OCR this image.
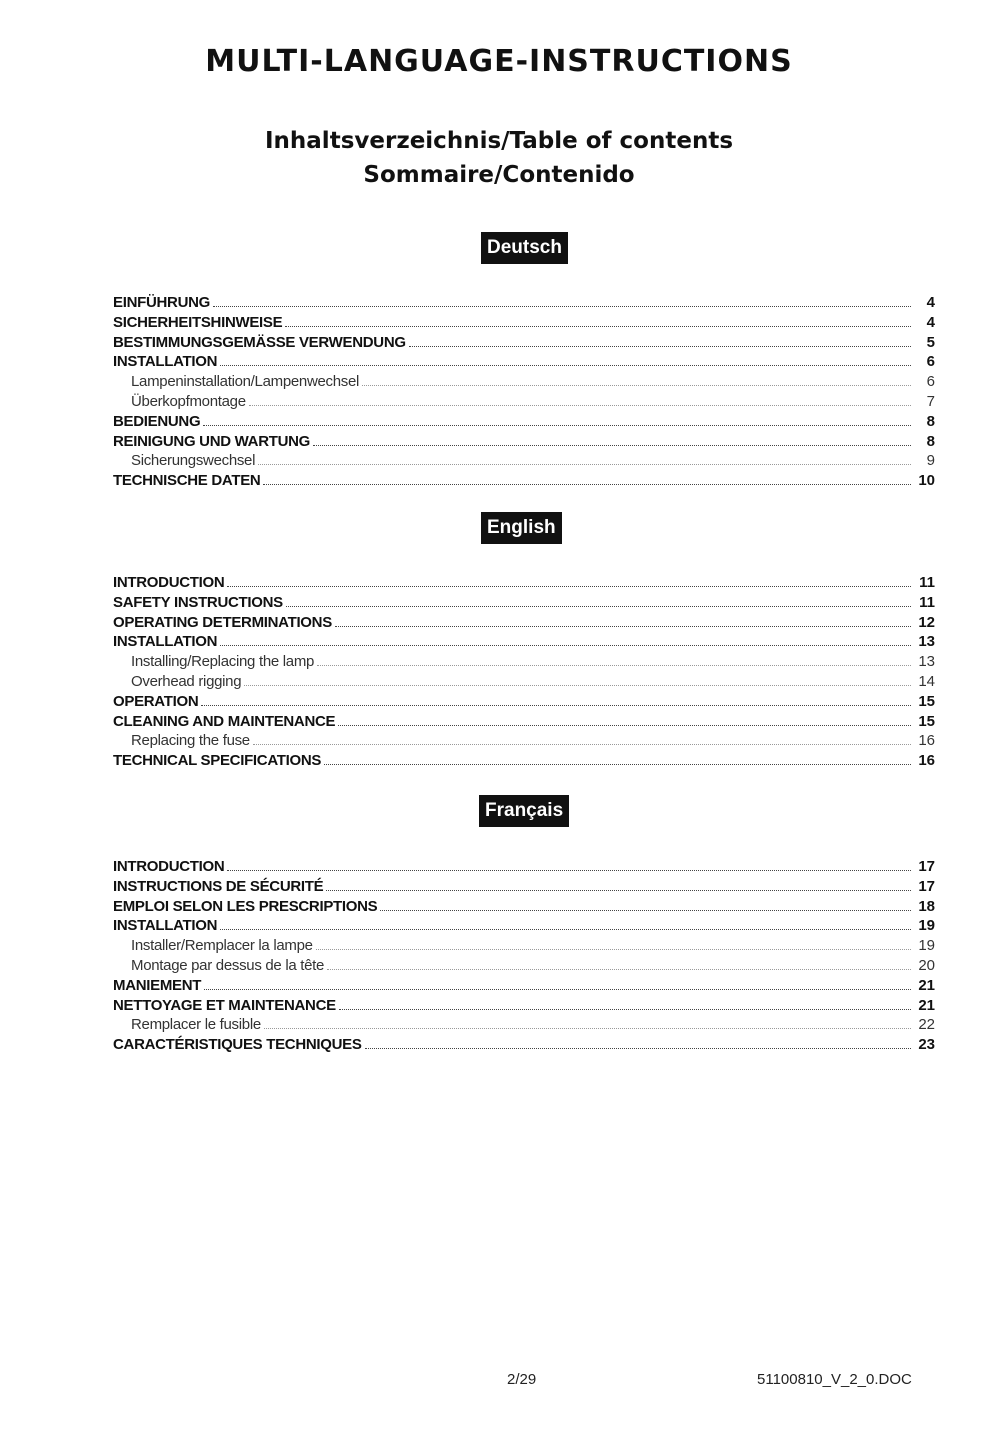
MULTI-LANGUAGE-INSTRUCTIONS
Inhaltsverzeichnis/Table of contents
Sommaire/Contenido
Deutsch
EINFÜHRUNG	4
SICHERHEITSHINWEISE	4
BESTIMMUNGSGEMÄSSE VERWENDUNG	5
INSTALLATION	6
Lampeninstallation/Lampenwechsel	6
Überkopfmontage	7
BEDIENUNG	8
REINIGUNG UND WARTUNG	8
Sicherungswechsel	9
TECHNISCHE DATEN	10
English
INTRODUCTION	11
SAFETY INSTRUCTIONS	11
OPERATING DETERMINATIONS	12
INSTALLATION	13
Installing/Replacing the lamp	13
Overhead rigging	14
OPERATION	15
CLEANING AND MAINTENANCE	15
Replacing the fuse	16
TECHNICAL SPECIFICATIONS	16
Français
INTRODUCTION	17
INSTRUCTIONS DE SÉCURITÉ	17
EMPLOI SELON LES PRESCRIPTIONS	18
INSTALLATION	19
Installer/Remplacer la lampe	19
Montage par dessus de la tête	20
MANIEMENT	21
NETTOYAGE ET MAINTENANCE	21
Remplacer le fusible	22
CARACTÉRISTIQUES TECHNIQUES	23
2/29	51100810_V_2_0.DOC
